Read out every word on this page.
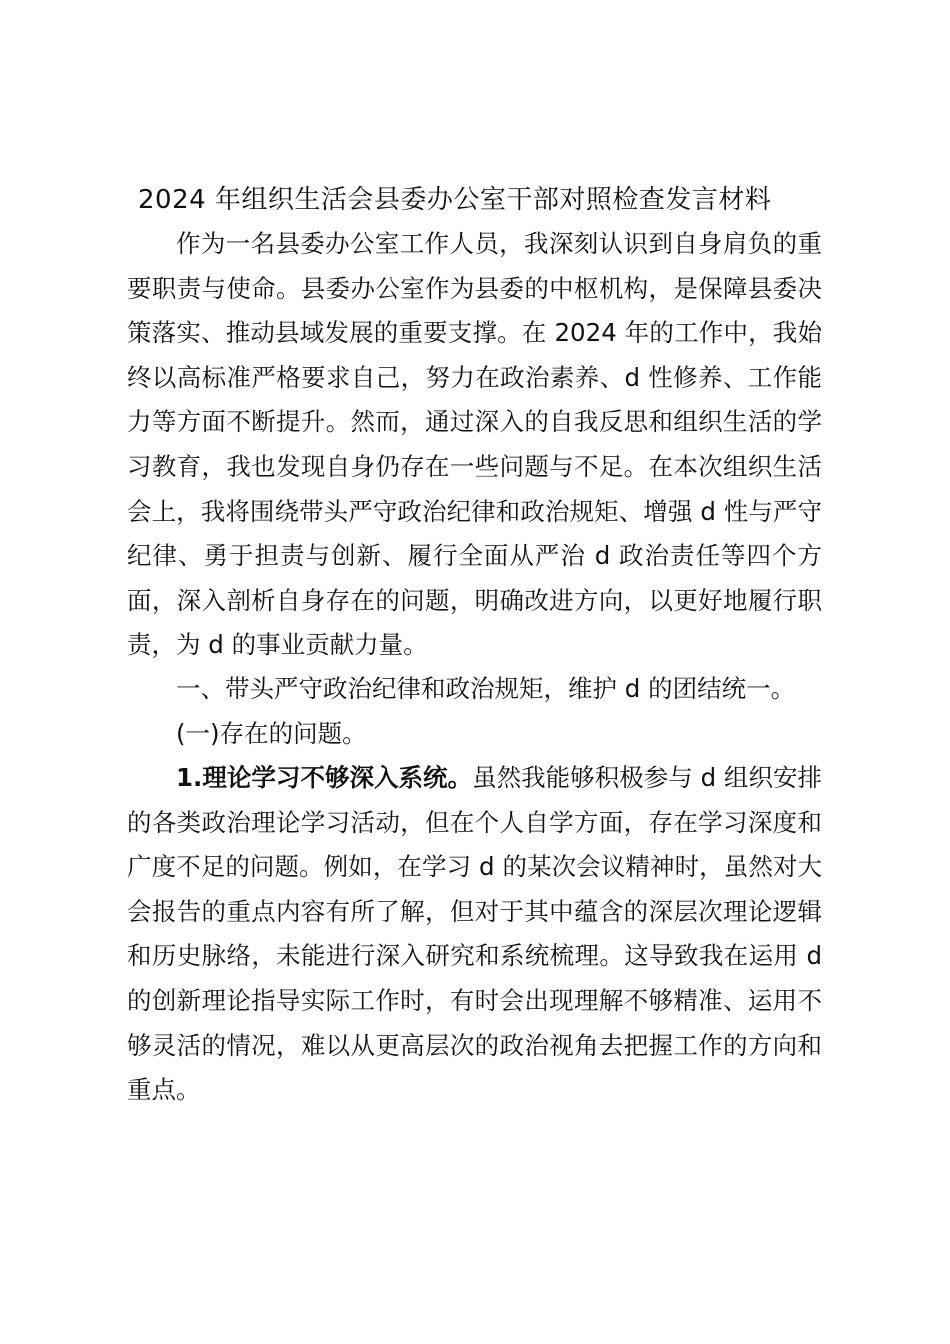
2024 年组织生活会县委办公室干部对照检查发言材料

作为一名县委办公室工作人员，我深刻认识到自身肩负的重要职责与使命。县委办公室作为县委的中枢机构，是保障县委决策落实、推动县域发展的重要支撑。在 2024 年的工作中，我始终以高标准严格要求自己，努力在政治素养、d 性修养、工作能力等方面不断提升。然而，通过深入的自我反思和组织生活的学习教育，我也发现自身仍存在一些问题与不足。在本次组织生活会上，我将围绕带头严守政治纪律和政治规矩、增强 d 性与严守纪律、勇于担责与创新、履行全面从严治 d 政治责任等四个方面，深入剖析自身存在的问题，明确改进方向，以更好地履行职责，为 d 的事业贡献力量。

一、带头严守政治纪律和政治规矩，维护 d 的团结统一。

(一)存在的问题。

1.理论学习不够深入系统。虽然我能够积极参与 d 组织安排的各类政治理论学习活动，但在个人自学方面，存在学习深度和广度不足的问题。例如，在学习 d 的某次会议精神时，虽然对大会报告的重点内容有所了解，但对于其中蕴含的深层次理论逻辑和历史脉络，未能进行深入研究和系统梳理。这导致我在运用 d 的创新理论指导实际工作时，有时会出现理解不够精准、运用不够灵活的情况，难以从更高层次的政治视角去把握工作的方向和重点。
